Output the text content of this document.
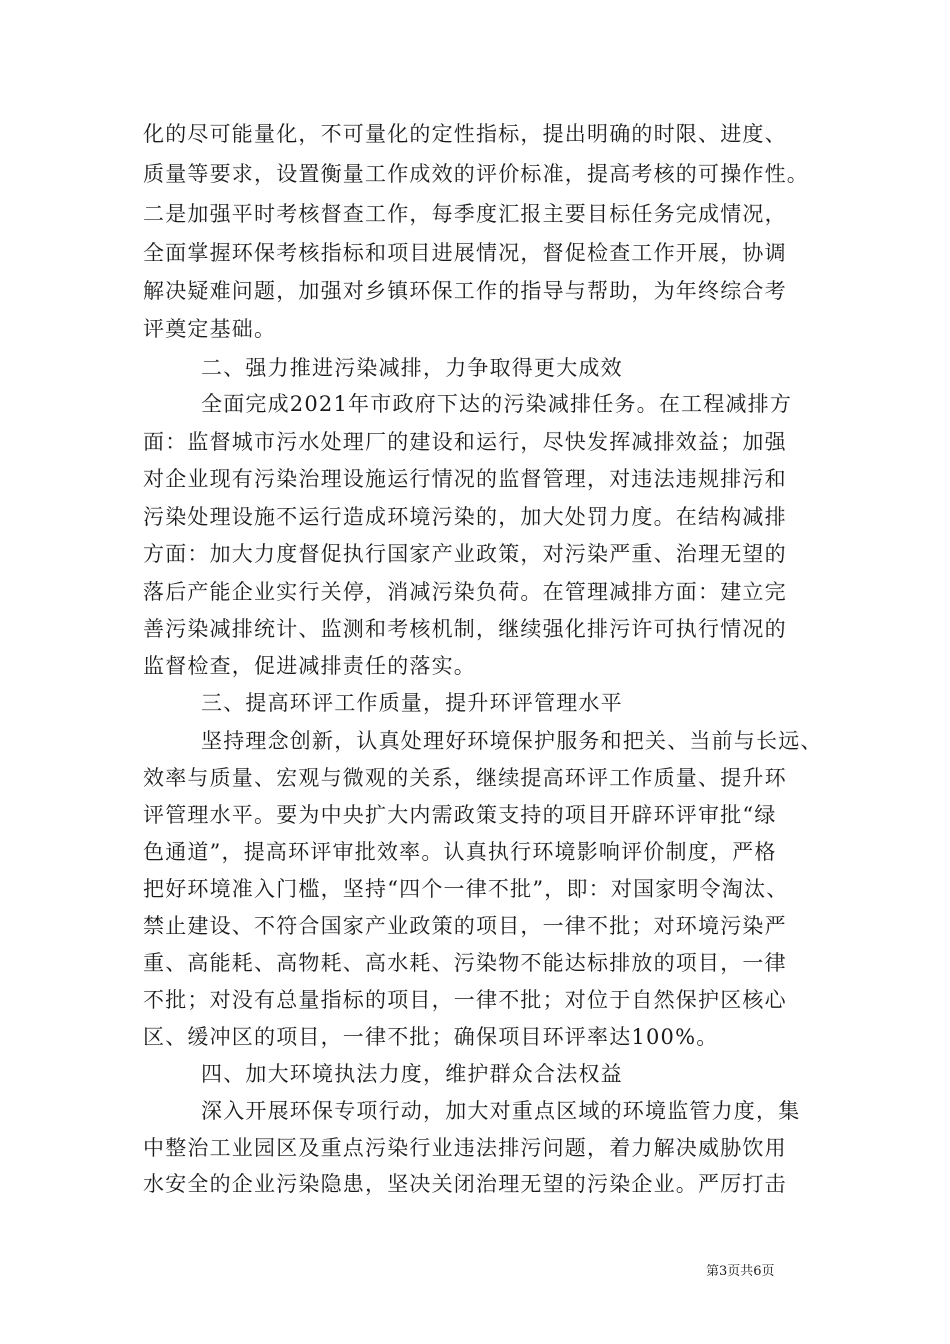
化的尽可能量化，不可量化的定性指标，提出明确的时限、进度、
质量等要求，设置衡量工作成效的评价标准，提高考核的可操作性。
二是加强平时考核督查工作，每季度汇报主要目标任务完成情况，
全面掌握环保考核指标和项目进展情况，督促检查工作开展，协调
解决疑难问题，加强对乡镇环保工作的指导与帮助，为年终综合考
评奠定基础。
二、强力推进污染减排，力争取得更大成效
全面完成2021年市政府下达的污染减排任务。在工程减排方
面：监督城市污水处理厂的建设和运行，尽快发挥减排效益；加强
对企业现有污染治理设施运行情况的监督管理，对违法违规排污和
污染处理设施不运行造成环境污染的，加大处罚力度。在结构减排
方面：加大力度督促执行国家产业政策，对污染严重、治理无望的
落后产能企业实行关停，消减污染负荷。在管理减排方面：建立完
善污染减排统计、监测和考核机制，继续强化排污许可执行情况的
监督检查，促进减排责任的落实。
三、提高环评工作质量，提升环评管理水平
坚持理念创新，认真处理好环境保护服务和把关、当前与长远、
效率与质量、宏观与微观的关系，继续提高环评工作质量、提升环
评管理水平。要为中央扩大内需政策支持的项目开辟环评审批“绿
色通道”，提高环评审批效率。认真执行环境影响评价制度，严格
把好环境准入门槛，坚持“四个一律不批”，即：对国家明令淘汰、
禁止建设、不符合国家产业政策的项目，一律不批；对环境污染严
重、高能耗、高物耗、高水耗、污染物不能达标排放的项目，一律
不批；对没有总量指标的项目，一律不批；对位于自然保护区核心
区、缓冲区的项目，一律不批；确保项目环评率达100%。
四、加大环境执法力度，维护群众合法权益
深入开展环保专项行动，加大对重点区域的环境监管力度，集
中整治工业园区及重点污染行业违法排污问题，着力解决威胁饮用
水安全的企业污染隐患，坚决关闭治理无望的污染企业。严厉打击
第3页共6页
